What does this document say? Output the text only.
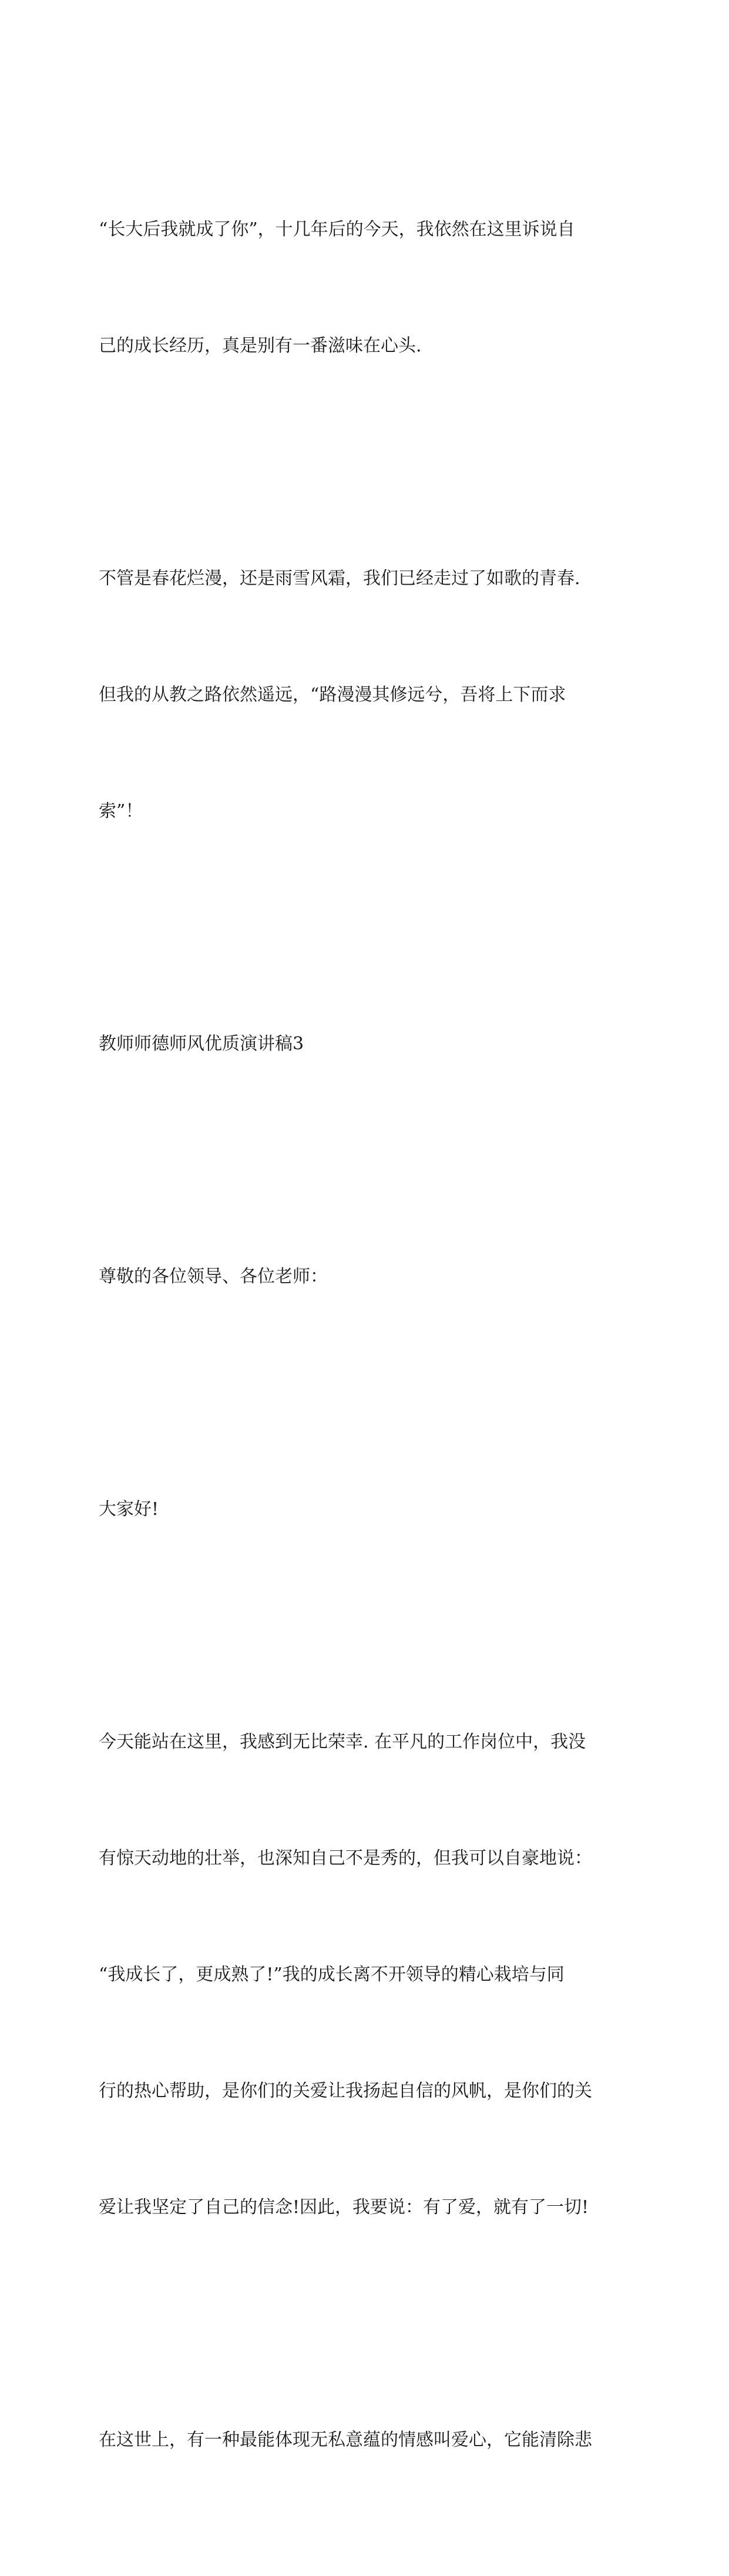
“长大后我就成了你”，十几年后的今天，我依然在这里诉说自

己的成长经历，真是别有一番滋味在心头.

不管是春花烂漫，还是雨雪风霜，我们已经走过了如歌的青春.

但我的从教之路依然遥远，“路漫漫其修远兮，吾将上下而求

索”！

教师师德师风优质演讲稿3

尊敬的各位领导、各位老师：

大家好!

今天能站在这里，我感到无比荣幸. 在平凡的工作岗位中，我没

有惊天动地的壮举，也深知自己不是秀的，但我可以自豪地说：

“我成长了，更成熟了!”我的成长离不开领导的精心栽培与同

行的热心帮助，是你们的关爱让我扬起自信的风帆，是你们的关

爱让我坚定了自己的信念!因此，我要说：有了爱，就有了一切!

在这世上，有一种最能体现无私意蕴的情感叫爱心，它能清除悲
